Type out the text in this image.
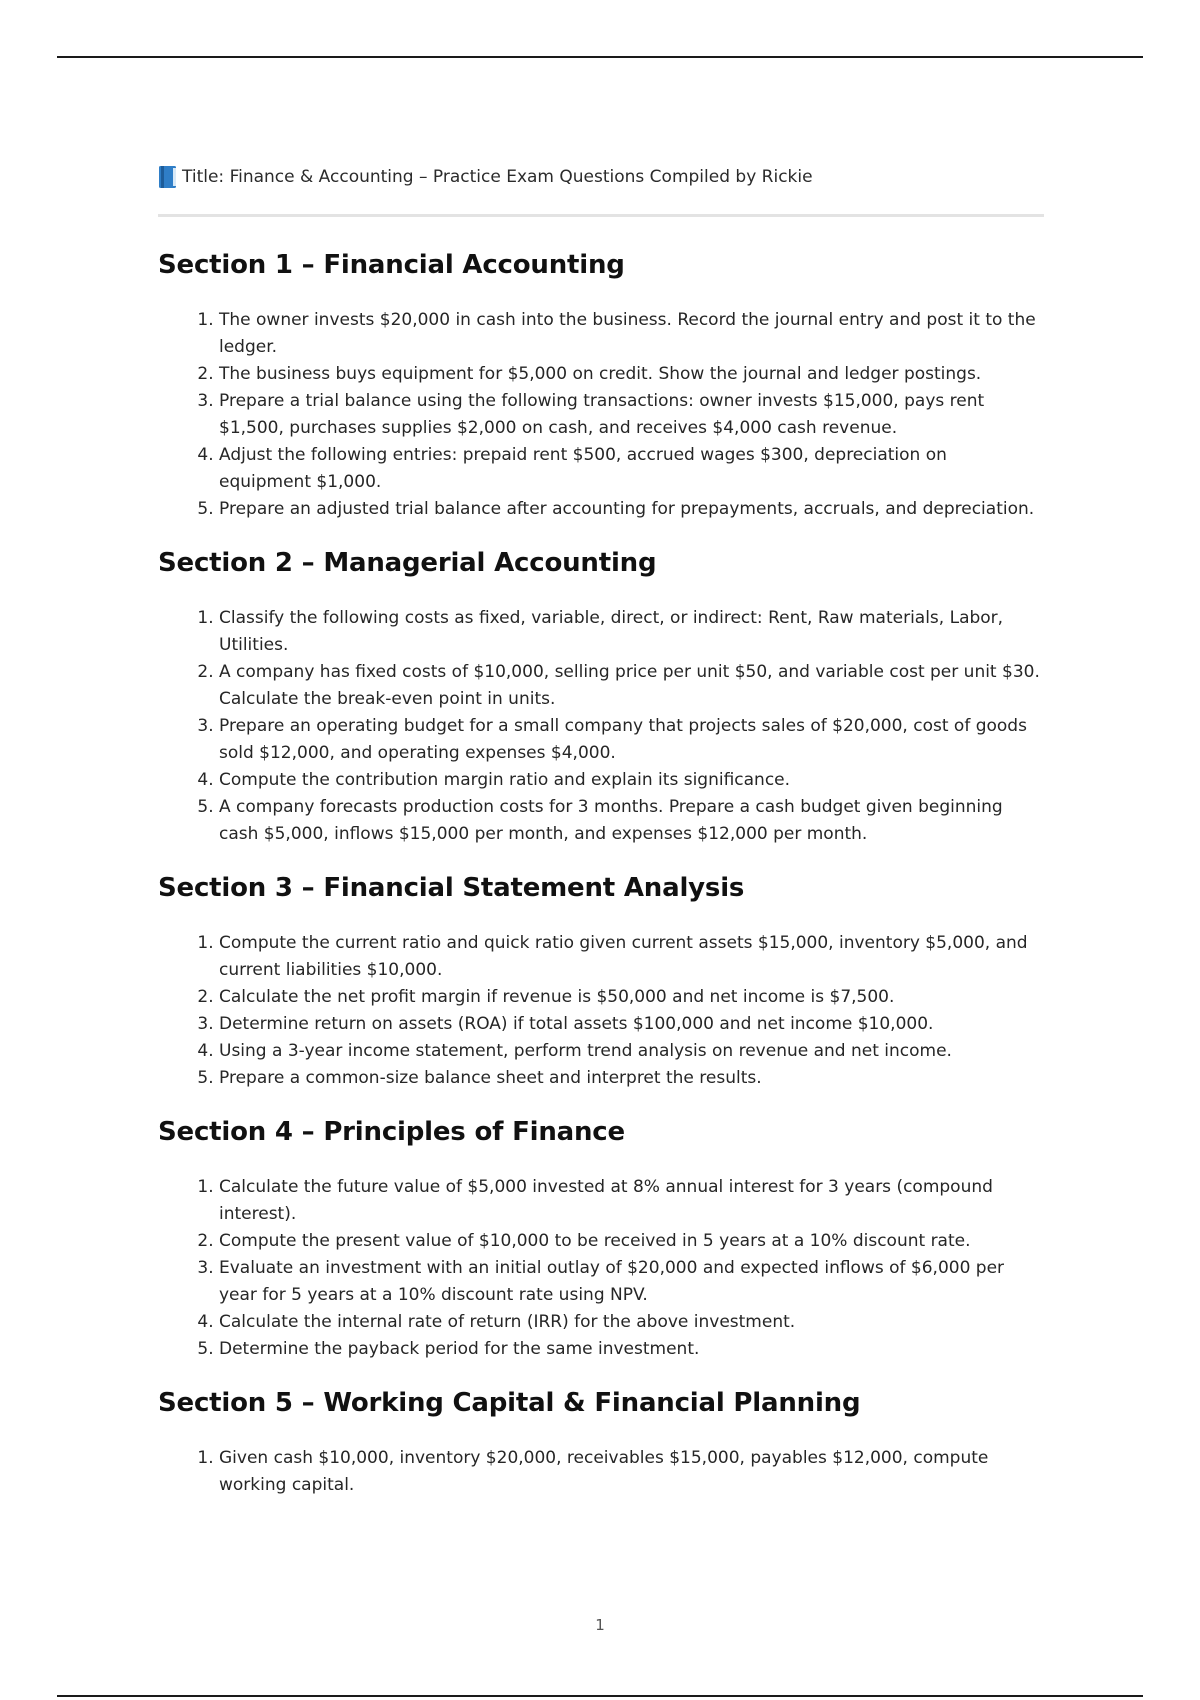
Title: Finance & Accounting – Practice Exam Questions Compiled by Rickie
Section 1 – Financial Accounting
1. The owner invests $20,000 in cash into the business. Record the journal entry and post it to the ledger.
2. The business buys equipment for $5,000 on credit. Show the journal and ledger postings.
3. Prepare a trial balance using the following transactions: owner invests $15,000, pays rent $1,500, purchases supplies $2,000 on cash, and receives $4,000 cash revenue.
4. Adjust the following entries: prepaid rent $500, accrued wages $300, depreciation on equipment $1,000.
5. Prepare an adjusted trial balance after accounting for prepayments, accruals, and depreciation.
Section 2 – Managerial Accounting
1. Classify the following costs as fixed, variable, direct, or indirect: Rent, Raw materials, Labor, Utilities.
2. A company has fixed costs of $10,000, selling price per unit $50, and variable cost per unit $30. Calculate the break-even point in units.
3. Prepare an operating budget for a small company that projects sales of $20,000, cost of goods sold $12,000, and operating expenses $4,000.
4. Compute the contribution margin ratio and explain its significance.
5. A company forecasts production costs for 3 months. Prepare a cash budget given beginning cash $5,000, inflows $15,000 per month, and expenses $12,000 per month.
Section 3 – Financial Statement Analysis
1. Compute the current ratio and quick ratio given current assets $15,000, inventory $5,000, and current liabilities $10,000.
2. Calculate the net profit margin if revenue is $50,000 and net income is $7,500.
3. Determine return on assets (ROA) if total assets $100,000 and net income $10,000.
4. Using a 3-year income statement, perform trend analysis on revenue and net income.
5. Prepare a common-size balance sheet and interpret the results.
Section 4 – Principles of Finance
1. Calculate the future value of $5,000 invested at 8% annual interest for 3 years (compound interest).
2. Compute the present value of $10,000 to be received in 5 years at a 10% discount rate.
3. Evaluate an investment with an initial outlay of $20,000 and expected inflows of $6,000 per year for 5 years at a 10% discount rate using NPV.
4. Calculate the internal rate of return (IRR) for the above investment.
5. Determine the payback period for the same investment.
Section 5 – Working Capital & Financial Planning
1. Given cash $10,000, inventory $20,000, receivables $15,000, payables $12,000, compute working capital.
1
